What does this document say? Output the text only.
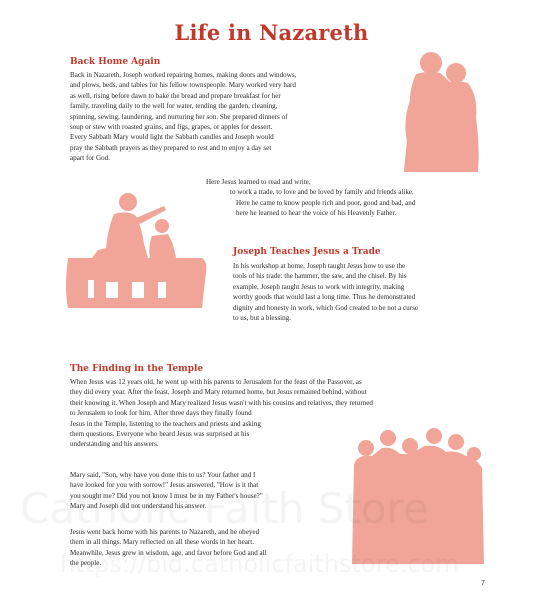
Life in Nazareth
Back Home Again
Back in Nazareth, Joseph worked repairing homes, making doors and windows,
and plows, beds, and tables for his fellow townspeople. Mary worked very hard
as well, rising before dawn to bake the bread and prepare breakfast for her
family, traveling daily to the well for water, tending the garden, cleaning,
spinning, sewing, laundering, and nurturing her son. She prepared dinners of
soup or stew with roasted grains, and figs, grapes, or apples for dessert.
Every Sabbath Mary would light the Sabbath candles and Joseph would
pray the Sabbath prayers as they prepared to rest and to enjoy a day set
apart for God.
Here Jesus learned to read and write,
to work a trade, to love and be loved by family and friends alike.
Here he came to know people rich and poor, good and bad, and
here he learned to hear the voice of his Heavenly Father.
Joseph Teaches Jesus a Trade
In his workshop at home, Joseph taught Jesus how to use the
tools of his trade: the hammer, the saw, and the chisel. By his
example, Joseph taught Jesus to work with integrity, making
worthy goods that would last a long time. Thus he demonstrated
dignity and honesty in work, which God created to be not a curse
to us, but a blessing.
The Finding in the Temple
When Jesus was 12 years old, he went up with his parents to Jerusalem for the feast of the Passover, as
they did every year. After the feast, Joseph and Mary returned home, but Jesus remained behind, without
their knowing it. When Joseph and Mary realized Jesus wasn't with his cousins and relatives, they returned
to Jerusalem to look for him. After three days they finally found
Jesus in the Temple, listening to the teachers and priests and asking
them questions. Everyone who heard Jesus was surprised at his
understanding and his answers.
Mary said, "Son, why have you done this to us? Your father and I
have looked for you with sorrow!" Jesus answered, "How is it that
you sought me? Did you not know I must be in my Father's house?"
Mary and Joseph did not understand his answer.
Jesus went back home with his parents to Nazareth, and he obeyed
them in all things. Mary reflected on all these words in her heart.
Meanwhile, Jesus grew in wisdom, age, and favor before God and all
the people.
7
